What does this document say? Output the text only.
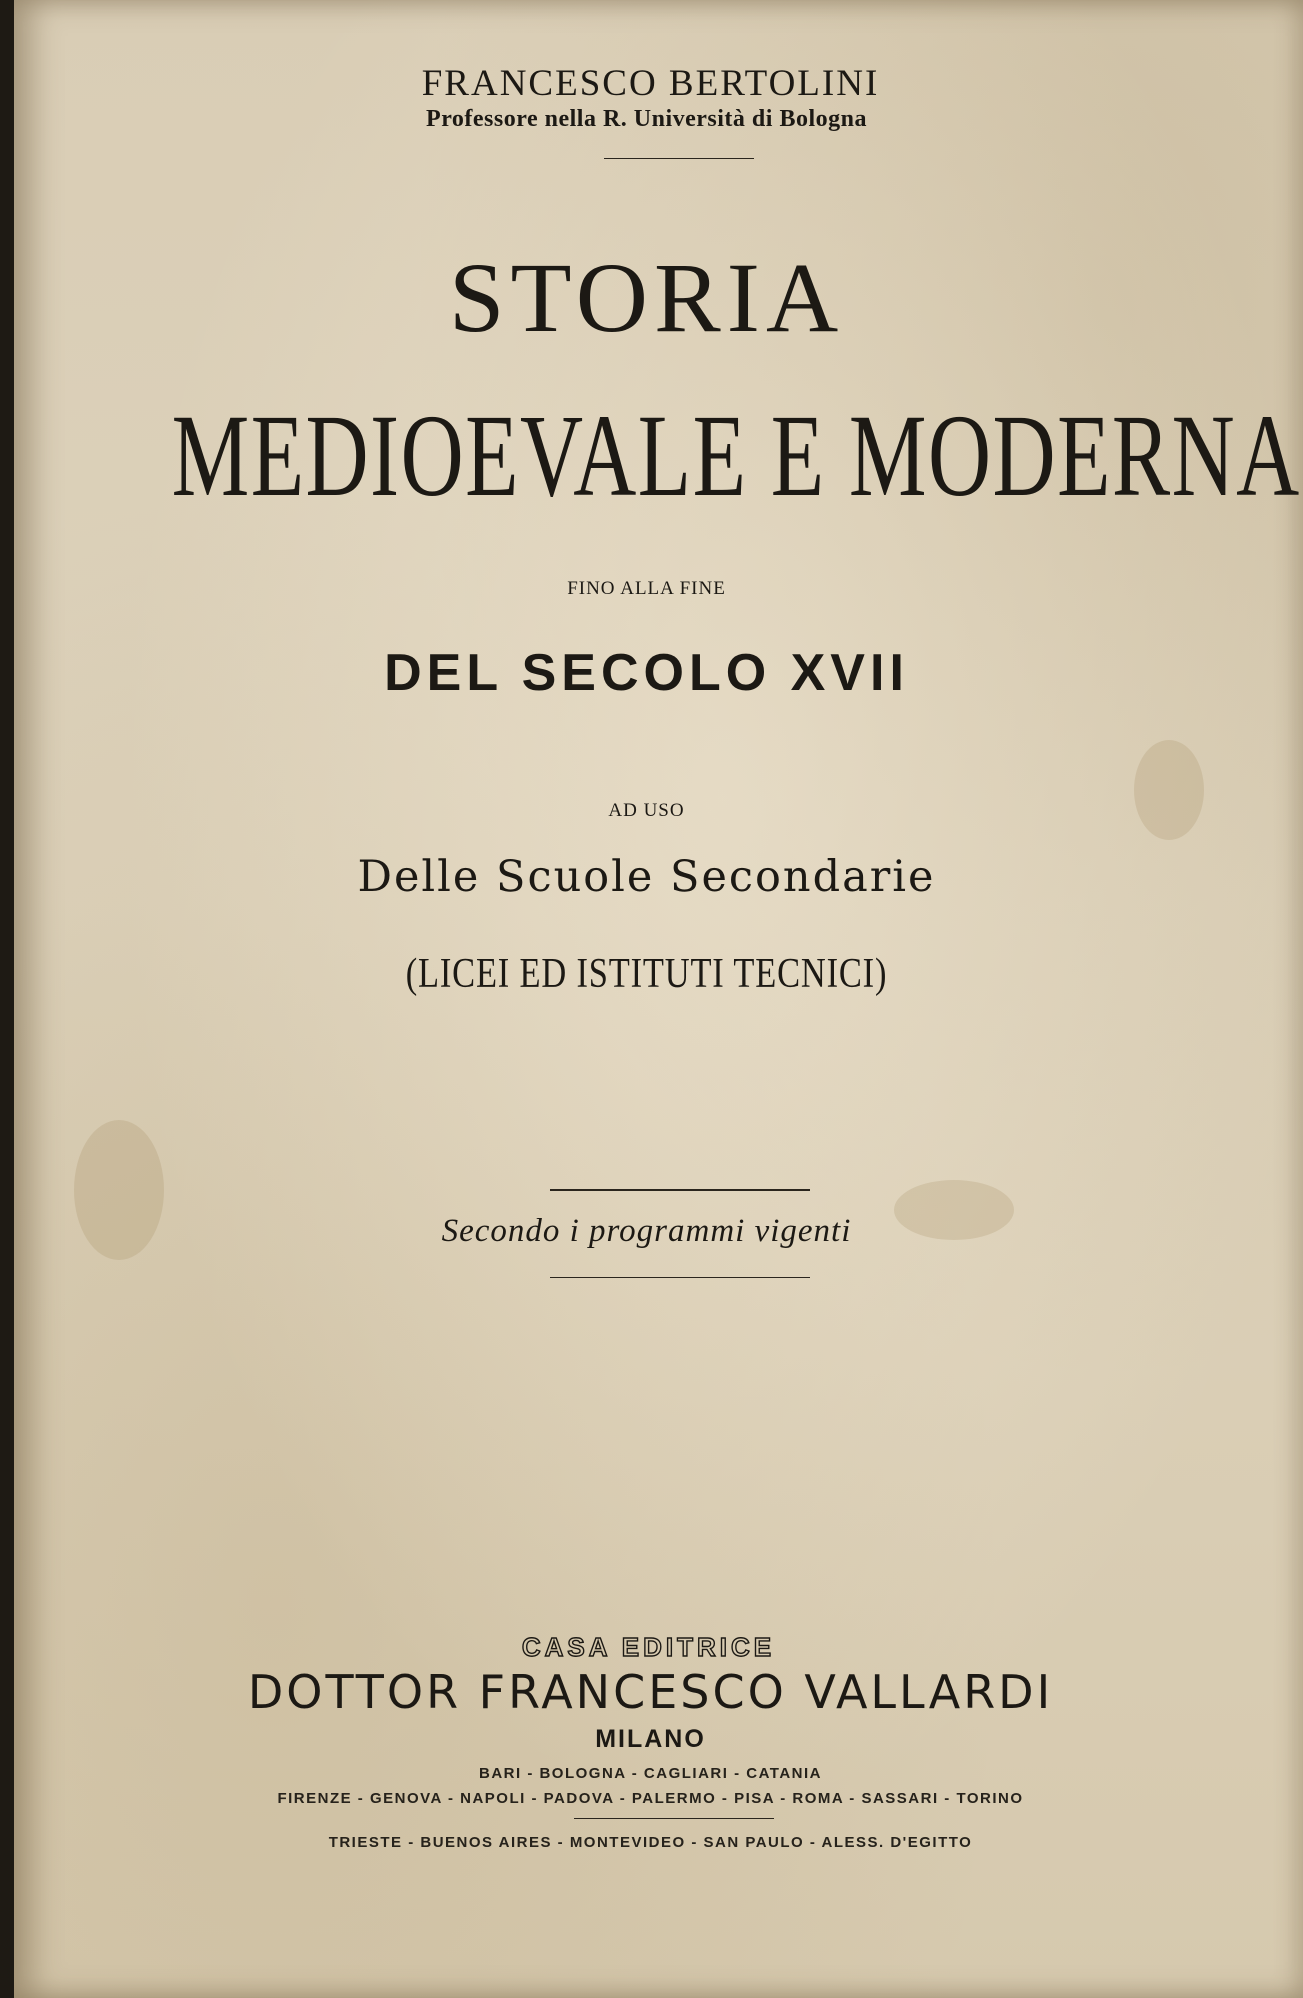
FRANCESCO BERTOLINI
Professore nella R. Università di Bologna
STORIA
MEDIOEVALE E MODERNA
FINO ALLA FINE
DEL SECOLO XVII
AD USO
Delle Scuole Secondarie
(LICEI ED ISTITUTI TECNICI)
Secondo i programmi vigenti
CASA EDITRICE
DOTTOR FRANCESCO VALLARDI
MILANO
BARI - BOLOGNA - CAGLIARI - CATANIA
FIRENZE - GENOVA - NAPOLI - PADOVA - PALERMO - PISA - ROMA - SASSARI - TORINO
TRIESTE - BUENOS AIRES - MONTEVIDEO - SAN PAULO - ALESS. D'EGITTO
